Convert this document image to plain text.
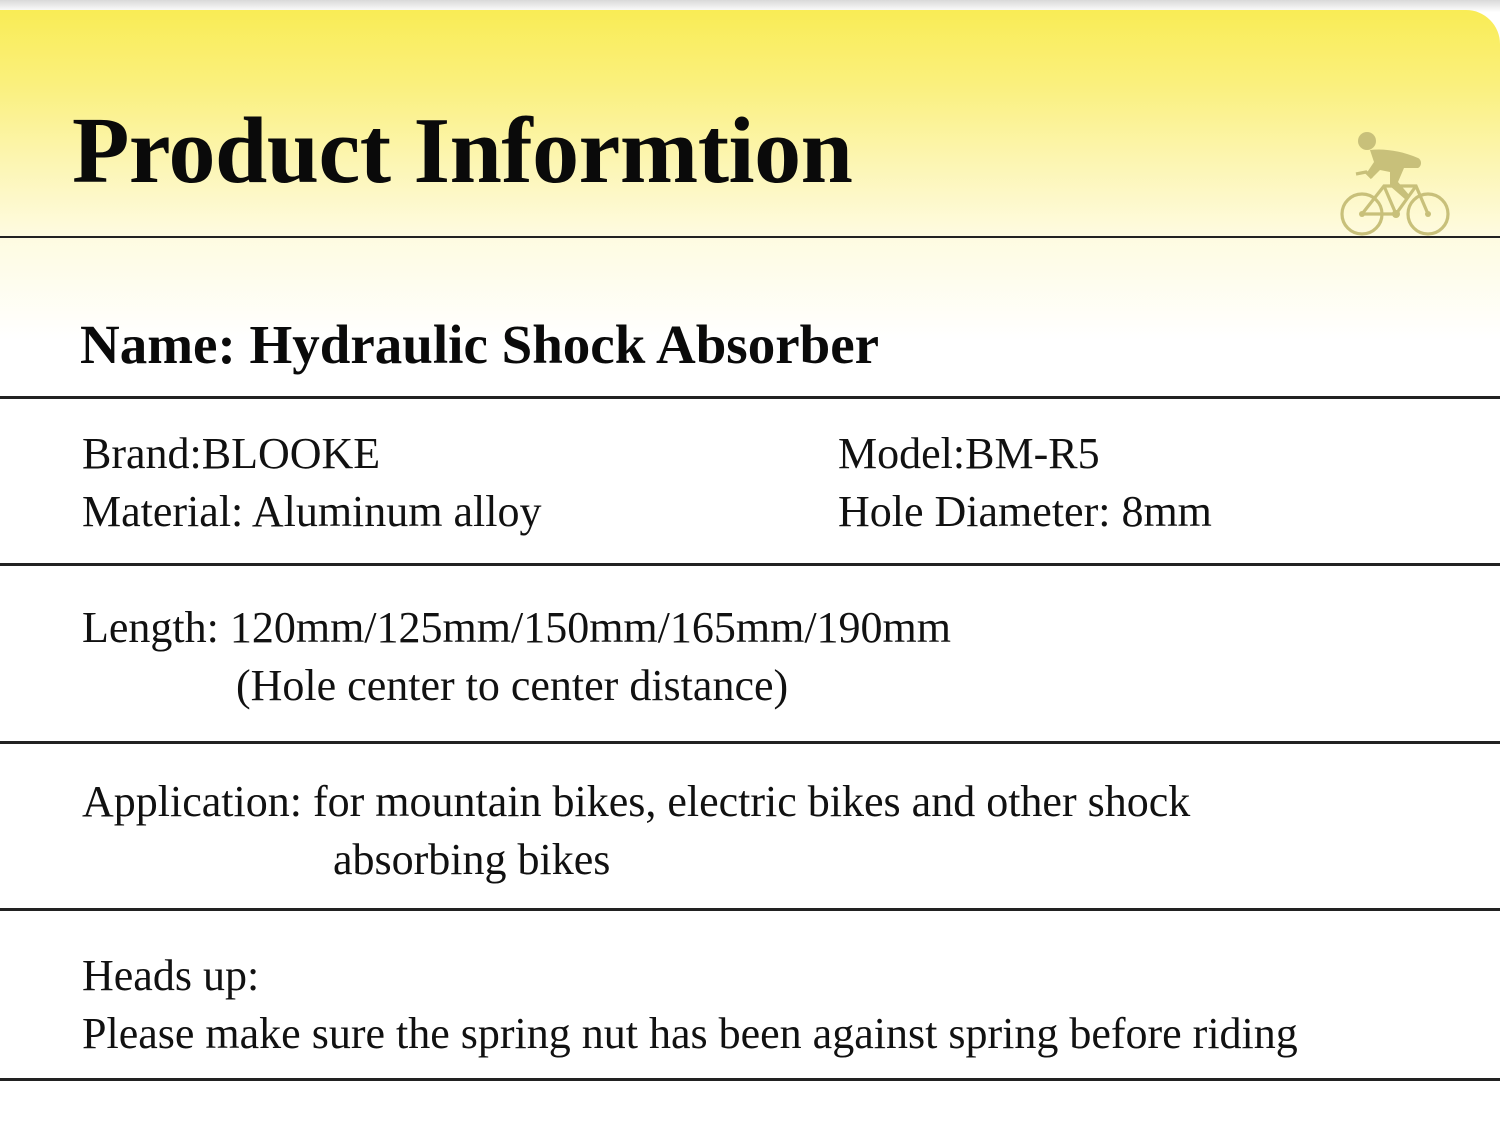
Product Informtion
Name: Hydraulic Shock Absorber
Brand:BLOOKE	Model:BM-R5
Material: Aluminum alloy	Hole Diameter: 8mm
Length: 120mm/125mm/150mm/165mm/190mm
(Hole center to center distance)
Application: for mountain bikes, electric bikes and other shock
absorbing bikes
Heads up:
Please make sure the spring nut has been against spring before riding
